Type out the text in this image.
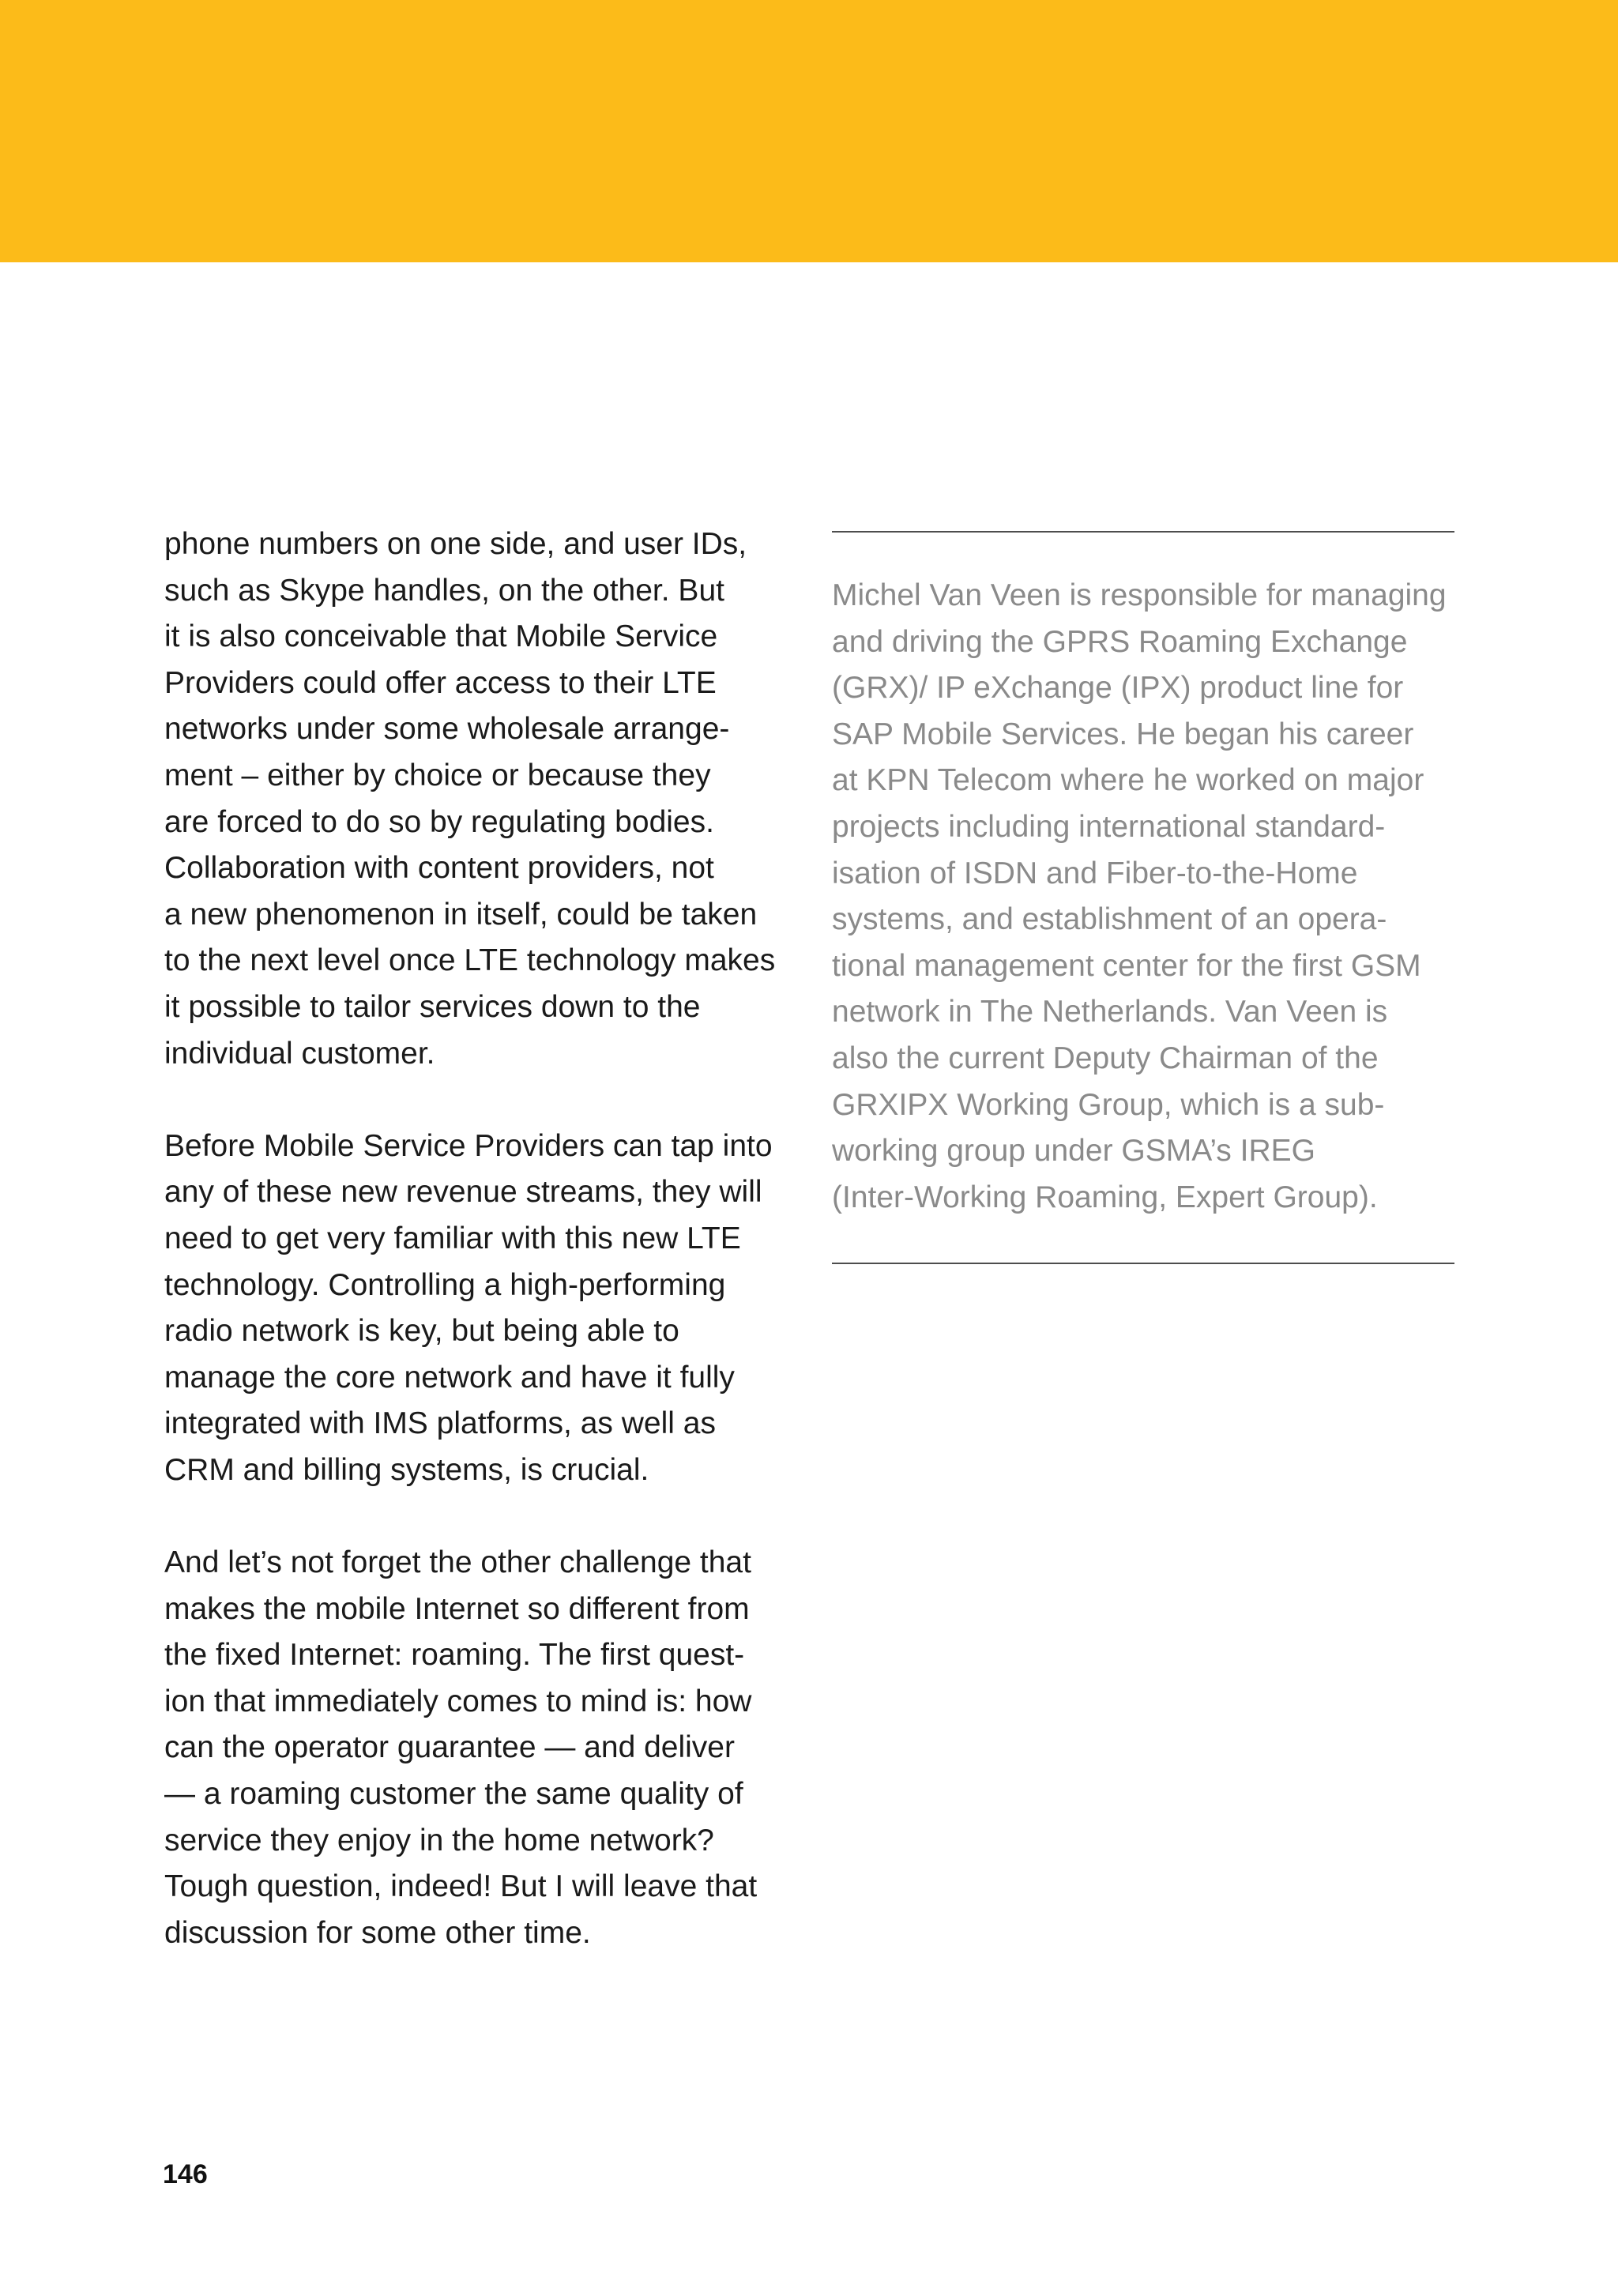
phone numbers on one side, and user IDs,
such as Skype handles, on the other. But
it is also conceivable that Mobile Service
Providers could offer access to their LTE
networks under some wholesale arrange-
ment – either by choice or because they
are forced to do so by regulating bodies.
Collaboration with content providers, not
a new phenomenon in itself, could be taken
to the next level once LTE technology makes
it possible to tailor services down to the
individual customer.

Before Mobile Service Providers can tap into
any of these new revenue streams, they will
need to get very familiar with this new LTE
technology. Controlling a high-performing
radio network is key, but being able to
manage the core network and have it fully
integrated with IMS platforms, as well as
CRM and billing systems, is crucial.

And let’s not forget the other challenge that
makes the mobile Internet so different from
the fixed Internet: roaming. The first quest-
ion that immediately comes to mind is: how
can the operator guarantee — and deliver
— a roaming customer the same quality of
service they enjoy in the home network?
Tough question, indeed! But I will leave that
discussion for some other time.

Michel Van Veen is responsible for managing
and driving the GPRS Roaming Exchange
(GRX)/ IP eXchange (IPX) product line for
SAP Mobile Services. He began his career
at KPN Telecom where he worked on major
projects including international standard-
isation of ISDN and Fiber-to-the-Home
systems, and establishment of an opera-
tional management center for the first GSM
network in The Netherlands. Van Veen is
also the current Deputy Chairman of the
GRXIPX Working Group, which is a sub-
working group under GSMA’s IREG
(Inter-Working Roaming, Expert Group).

146
